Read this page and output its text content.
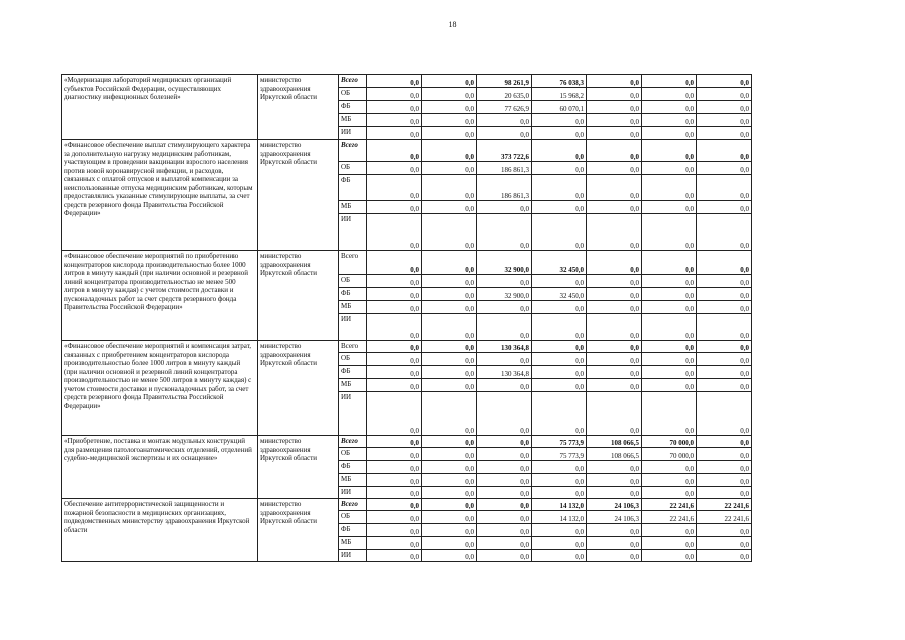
18
«Модернизация лабораторий медицинских организаций субъектов Российской Федерации, осуществляющих диагностику инфекционных болезней»	министерство здравоохранения Иркутской области	Всего	0,0	0,0	98 261,9	76 038,3	0,0	0,0	0,0
		ОБ	0,0	0,0	20 635,0	15 968,2	0,0	0,0	0,0
		ФБ	0,0	0,0	77 626,9	60 070,1	0,0	0,0	0,0
		МБ	0,0	0,0	0,0	0,0	0,0	0,0	0,0
		ИИ	0,0	0,0	0,0	0,0	0,0	0,0	0,0
«Финансовое обеспечение выплат стимулирующего характера за дополнительную нагрузку медицинским работникам, участвующим в проведении вакцинации взрослого населения против новой коронавирусной инфекции, и расходов, связанных с оплатой отпусков и выплатой компенсации за неиспользованные отпуска медицинским работникам, которым предоставлялись указанные стимулирующие выплаты, за счет средств резервного фонда Правительства Российской Федерации»	министерство здравоохранения Иркутской области	Всего	0,0	0,0	373 722,6	0,0	0,0	0,0	0,0
		ОБ	0,0	0,0	186 861,3	0,0	0,0	0,0	0,0
		ФБ	0,0	0,0	186 861,3	0,0	0,0	0,0	0,0
		МБ	0,0	0,0	0,0	0,0	0,0	0,0	0,0
		ИИ	0,0	0,0	0,0	0,0	0,0	0,0	0,0
«Финансовое обеспечение мероприятий по приобретению концентраторов кислорода производительностью более 1000 литров в минуту каждый (при наличии основной и резервной линий концентратора производительностью не менее 500 литров в минуту каждая) с учетом стоимости доставки и пусконаладочных работ за счет средств резервного фонда Правительства Российской Федерации»	министерство здравоохранения Иркутской области	Всего	0,0	0,0	32 900,0	32 450,0	0,0	0,0	0,0
		ОБ	0,0	0,0	0,0	0,0	0,0	0,0	0,0
		ФБ	0,0	0,0	32 900,0	32 450,0	0,0	0,0	0,0
		МБ	0,0	0,0	0,0	0,0	0,0	0,0	0,0
		ИИ	0,0	0,0	0,0	0,0	0,0	0,0	0,0
«Финансовое обеспечение мероприятий и компенсация затрат, связанных с приобретением концентраторов кислорода производительностью более 1000 литров в минуту каждый (при наличии основной и резервной линий концентратора производительностью не менее 500 литров в минуту каждая) с учетом стоимости доставки и пусконаладочных работ, за счет средств резервного фонда Правительства Российской Федерации»	министерство здравоохранения Иркутской области	Всего	0,0	0,0	130 364,8	0,0	0,0	0,0	0,0
		ОБ	0,0	0,0	0,0	0,0	0,0	0,0	0,0
		ФБ	0,0	0,0	130 364,8	0,0	0,0	0,0	0,0
		МБ	0,0	0,0	0,0	0,0	0,0	0,0	0,0
		ИИ	0,0	0,0	0,0	0,0	0,0	0,0	0,0
«Приобретение, поставка и монтаж модульных конструкций для размещения патологоанатомических отделений, отделений судебно-медицинской экспертизы и их оснащение»	министерство здравоохранения Иркутской области	Всего	0,0	0,0	0,0	75 773,9	108 066,5	70 000,0	0,0
		ОБ	0,0	0,0	0,0	75 773,9	108 066,5	70 000,0	0,0
		ФБ	0,0	0,0	0,0	0,0	0,0	0,0	0,0
		МБ	0,0	0,0	0,0	0,0	0,0	0,0	0,0
		ИИ	0,0	0,0	0,0	0,0	0,0	0,0	0,0
Обеспечение антитеррористической защищенности и пожарной безопасности в медицинских организациях, подведомственных министерству здравоохранения Иркутской области	министерство здравоохранения Иркутской области	Всего	0,0	0,0	0,0	14 132,0	24 106,3	22 241,6	22 241,6
		ОБ	0,0	0,0	0,0	14 132,0	24 106,3	22 241,6	22 241,6
		ФБ	0,0	0,0	0,0	0,0	0,0	0,0	0,0
		МБ	0,0	0,0	0,0	0,0	0,0	0,0	0,0
		ИИ	0,0	0,0	0,0	0,0	0,0	0,0	0,0
